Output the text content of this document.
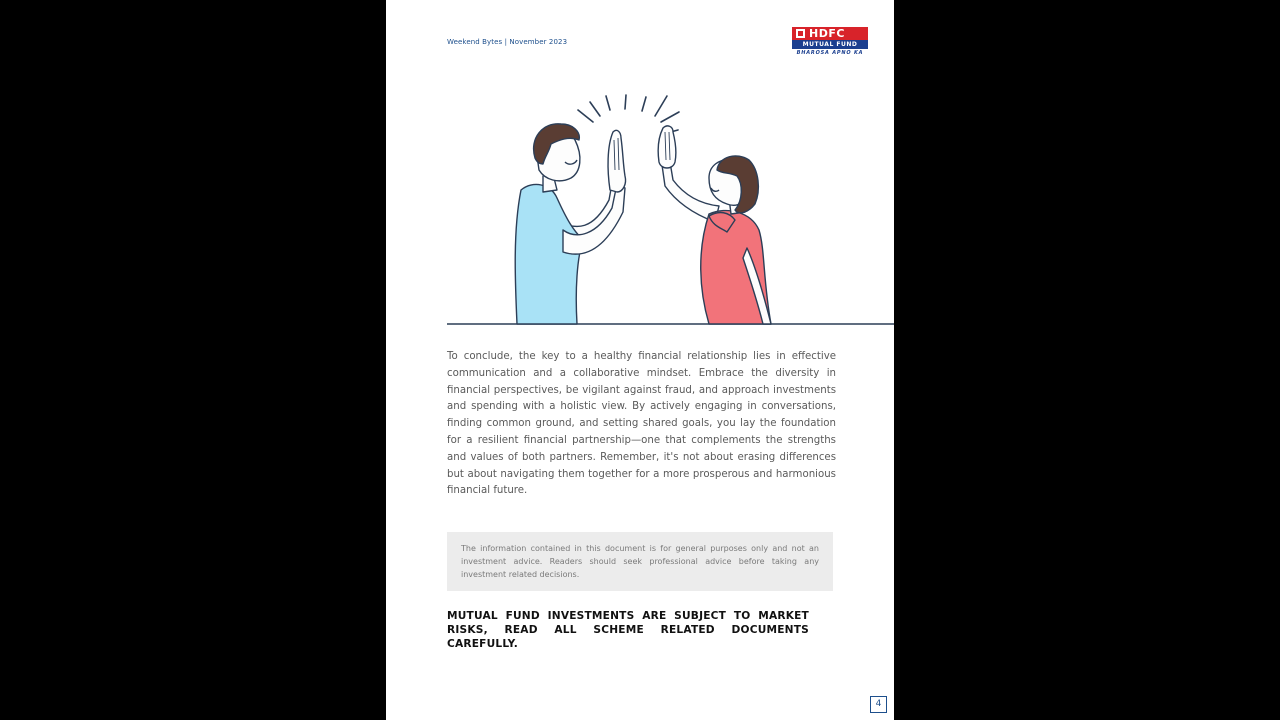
Weekend Bytes | November 2023
HDFC
MUTUAL FUND
BHAROSA APNO KA
To conclude, the key to a healthy financial relationship lies in effective communication and a collaborative mindset. Embrace the diversity in financial perspectives, be vigilant against fraud, and approach investments and spending with a holistic view. By actively engaging in conversations, finding common ground, and setting shared goals, you lay the foundation for a resilient financial partnership—one that complements the strengths and values of both partners. Remember, it's not about erasing differences but about navigating them together for a more prosperous and harmonious financial future.
The information contained in this document is for general purposes only and not an investment advice. Readers should seek professional advice before taking any investment related decisions.
MUTUAL FUND INVESTMENTS ARE SUBJECT TO MARKET RISKS, READ ALL SCHEME RELATED DOCUMENTS CAREFULLY.
4
